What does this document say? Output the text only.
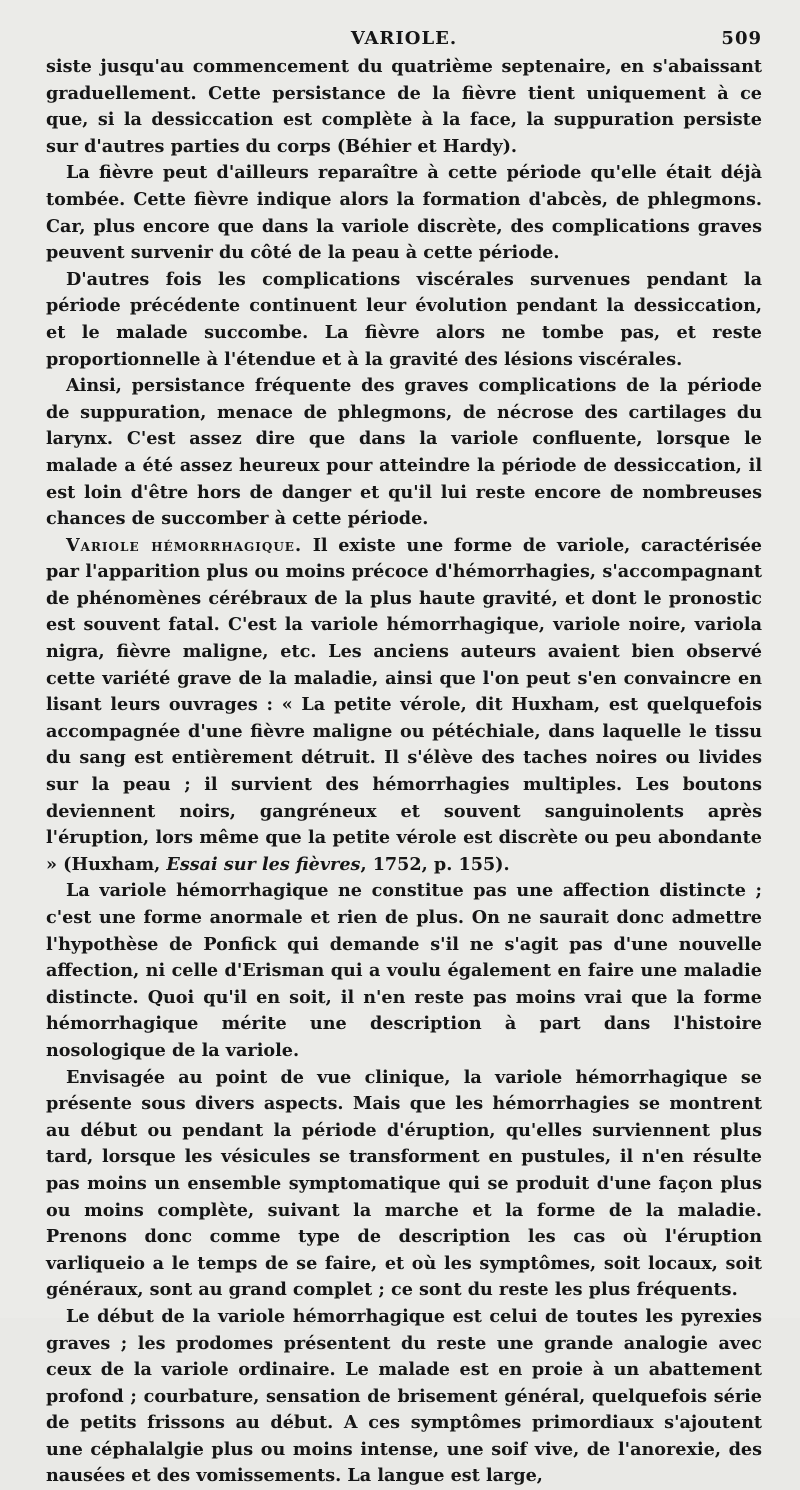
VARIOLE.	509

siste jusqu'au commencement du quatrième septenaire, en s'abaissant graduellement. Cette persistance de la fièvre tient uniquement à ce que, si la dessiccation est complète à la face, la suppuration persiste sur d'autres parties du corps (Béhier et Hardy).

La fièvre peut d'ailleurs reparaître à cette période qu'elle était déjà tombée. Cette fièvre indique alors la formation d'abcès, de phlegmons. Car, plus encore que dans la variole discrète, des complications graves peuvent survenir du côté de la peau à cette période.

D'autres fois les complications viscérales survenues pendant la période précédente continuent leur évolution pendant la dessiccation, et le malade succombe. La fièvre alors ne tombe pas, et reste proportionnelle à l'étendue et à la gravité des lésions viscérales.

Ainsi, persistance fréquente des graves complications de la période de suppuration, menace de phlegmons, de nécrose des cartilages du larynx. C'est assez dire que dans la variole confluente, lorsque le malade a été assez heureux pour atteindre la période de dessiccation, il est loin d'être hors de danger et qu'il lui reste encore de nombreuses chances de succomber à cette période.

Variole hémorrhagique. Il existe une forme de variole, caractérisée par l'apparition plus ou moins précoce d'hémorrhagies, s'accompagnant de phénomènes cérébraux de la plus haute gravité, et dont le pronostic est souvent fatal. C'est la variole hémorrhagique, variole noire, variola nigra, fièvre maligne, etc. Les anciens auteurs avaient bien observé cette variété grave de la maladie, ainsi que l'on peut s'en convaincre en lisant leurs ouvrages : « La petite vérole, dit Huxham, est quelquefois accompagnée d'une fièvre maligne ou pétéchiale, dans laquelle le tissu du sang est entièrement détruit. Il s'élève des taches noires ou livides sur la peau ; il survient des hémorrhagies multiples. Les boutons deviennent noirs, gangréneux et souvent sanguinolents après l'éruption, lors même que la petite vérole est discrète ou peu abondante » (Huxham, Essai sur les fièvres, 1752, p. 155).

La variole hémorrhagique ne constitue pas une affection distincte ; c'est une forme anormale et rien de plus. On ne saurait donc admettre l'hypothèse de Ponfick qui demande s'il ne s'agit pas d'une nouvelle affection, ni celle d'Erisman qui a voulu également en faire une maladie distincte. Quoi qu'il en soit, il n'en reste pas moins vrai que la forme hémorrhagique mérite une description à part dans l'histoire nosologique de la variole.

Envisagée au point de vue clinique, la variole hémorrhagique se présente sous divers aspects. Mais que les hémorrhagies se montrent au début ou pendant la période d'éruption, qu'elles surviennent plus tard, lorsque les vésicules se transforment en pustules, il n'en résulte pas moins un ensemble symptomatique qui se produit d'une façon plus ou moins complète, suivant la marche et la forme de la maladie. Prenons donc comme type de description les cas où l'éruption varliqueio a le temps de se faire, et où les symptômes, soit locaux, soit généraux, sont au grand complet ; ce sont du reste les plus fréquents.

Le début de la variole hémorrhagique est celui de toutes les pyrexies graves ; les prodomes présentent du reste une grande analogie avec ceux de la variole ordinaire. Le malade est en proie à un abattement profond ; courbature, sensation de brisement général, quelquefois série de petits frissons au début. A ces symptômes primordiaux s'ajoutent une céphalalgie plus ou moins intense, une soif vive, de l'anorexie, des nausées et des vomissements. La langue est large,
